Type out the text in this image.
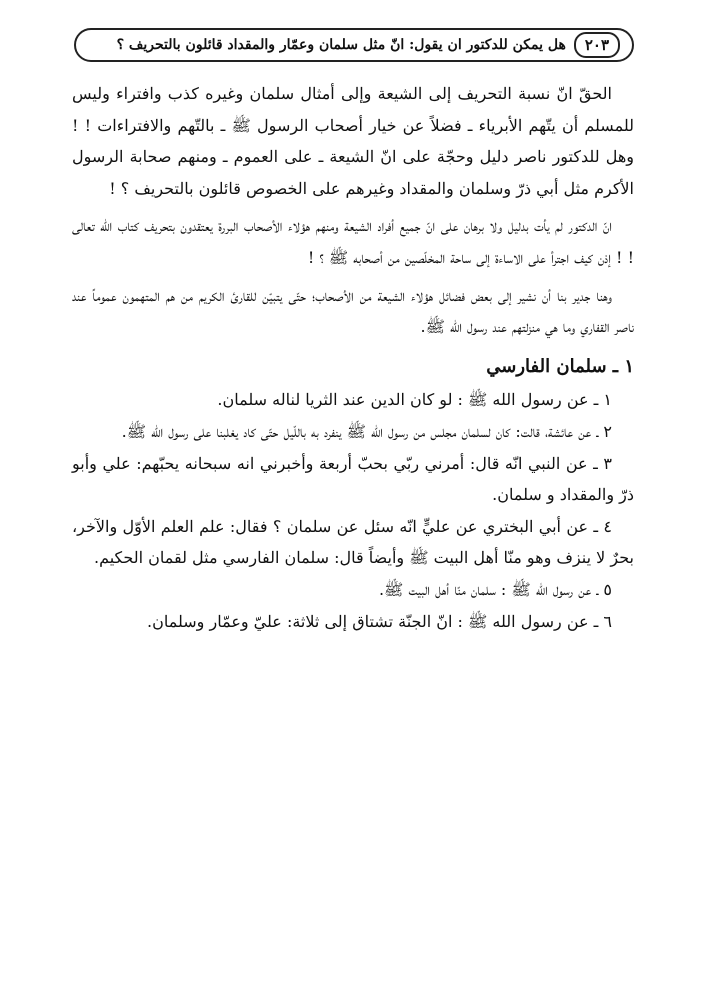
هل يمكن للدكتور ان يقول: انّ مثل سلمان وعمّار والمقداد قائلون بالتحريف ؟	٢٠٣

الحقّ انّ نسبة التحريف إلى الشيعة وإلى أمثال سلمان وغيره كذب وافتراء وليس للمسلم أن يتّهم الأبرياء ـ فضلاً عن خيار أصحاب الرسول ﷺ ـ بالتّهم والافتراءات ! ! وهل للدكتور ناصر دليل وحجّة على انّ الشيعة ـ على العموم ـ ومنهم صحابة الرسول الأكرم مثل أبي ذرّ وسلمان والمقداد وغيرهم على الخصوص قائلون بالتحريف ؟ !

انّ الدكتور لم يأت بدليل ولا برهان على انّ جميع أفراد الشيعة ومنهم هؤلاء الأصحاب البررة يعتقدون بتحريف كتاب الله تعالى ! ! إذن كيف اجترأ على الاساءة إلى ساحة المخلّصين من أصحابه ﷺ ؟ !

وهنا جدير بنا أن نشير إلى بعض فضائل هؤلاء الشيعة من الأصحاب؛ حتّى يتبيّن للقارئ الكريم من هم المتهمون عموماً عند ناصر القفاري وما هي منزلتهم عند رسول الله ﷺ.

١ ـ سلمان الفارسي

١ ـ عن رسول الله ﷺ : لو كان الدين عند الثريا لناله سلمان.

٢ ـ عن عائشة، قالت: كان لسلمان مجلس من رسول الله ﷺ ينفرد به باللّيل حتّى كاد يغلبنا على رسول الله ﷺ.

٣ ـ عن النبي انّه قال: أمرني ربّي بحبّ أربعة وأخبرني انه سبحانه يحبّهم: علي وأبو ذرّ والمقداد و سلمان.

٤ ـ عن أبي البختري عن عليٍّ انّه سئل عن سلمان ؟ فقال: علم العلم الأوّل والآخر، بحرٌ لا ينزف وهو منّا أهل البيت ﷺ وأيضاً قال: سلمان الفارسي مثل لقمان الحكيم.

٥ ـ عن رسول الله ﷺ : سلمان منّا أهل البيت ﷺ.

٦ ـ عن رسول الله ﷺ : انّ الجنّة تشتاق إلى ثلاثة: عليّ وعمّار وسلمان.
